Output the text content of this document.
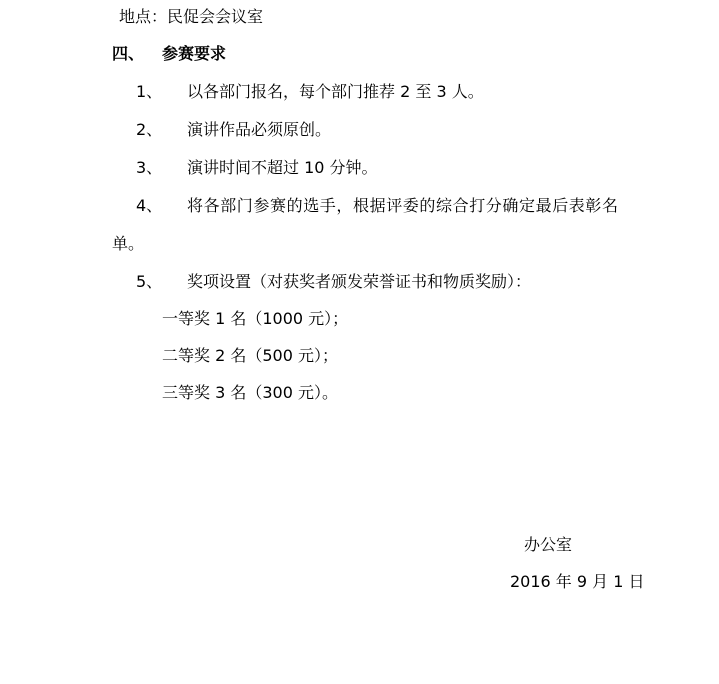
地点：民促会会议室
四、 参赛要求
1、 以各部门报名，每个部门推荐 2 至 3 人。
2、 演讲作品必须原创。
3、 演讲时间不超过 10 分钟。
4、 将各部门参赛的选手，根据评委的综合打分确定最后表彰名
单。
5、 奖项设置（对获奖者颁发荣誉证书和物质奖励）：
一等奖 1 名（1000 元）；
二等奖 2 名（500 元）；
三等奖 3 名（300 元）。
办公室
2016 年 9 月 1 日
